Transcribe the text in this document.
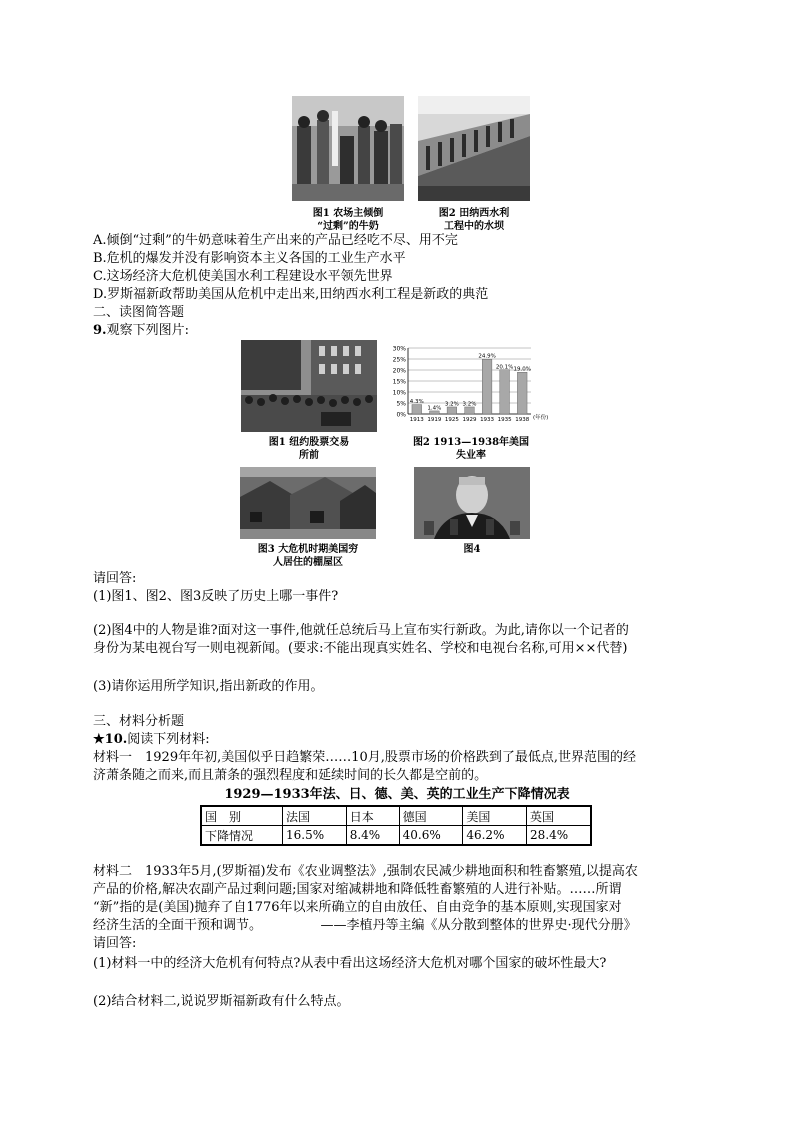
图1 农场主倾倒
“过剩”的牛奶
图2 田纳西水利
工程中的水坝
A.倾倒“过剩”的牛奶意味着生产出来的产品已经吃不尽、用不完
B.危机的爆发并没有影响资本主义各国的工业生产水平
C.这场经济大危机使美国水利工程建设水平领先世界
D.罗斯福新政帮助美国从危机中走出来,田纳西水利工程是新政的典范
二、读图简答题
9.观察下列图片:
图1 纽约股票交易
所前
0%
5%
10%
15%
20%
25%
30%
4.3%
1913
1.4%
1919
3.2%
1925
3.2%
1929
24.9%
1933
20.1%
1935
19.0%
1938 (年份)
图2 1913—1938年美国
失业率
图3 大危机时期美国穷
人居住的棚屋区
图4
请回答:
(1)图1、图2、图3反映了历史上哪一事件?
(2)图4中的人物是谁?面对这一事件,他就任总统后马上宣布实行新政。为此,请你以一个记者的
身份为某电视台写一则电视新闻。(要求:不能出现真实姓名、学校和电视台名称,可用××代替)
(3)请你运用所学知识,指出新政的作用。
三、材料分析题
★10.阅读下列材料:
材料一　1929年年初,美国似乎日趋繁荣……10月,股票市场的价格跌到了最低点,世界范围的经
济萧条随之而来,而且萧条的强烈程度和延续时间的长久都是空前的。
1929—1933年法、日、德、美、英的工业生产下降情况表
国　别	法国	日本	德国	美国	英国
下降情况	16.5%	8.4%	40.6%	46.2%	28.4%
材料二　1933年5月,(罗斯福)发布《农业调整法》,强制农民减少耕地面积和牲畜繁殖,以提高农
产品的价格,解决农副产品过剩问题;国家对缩减耕地和降低牲畜繁殖的人进行补贴。……所谓
“新”指的是(美国)抛弃了自1776年以来所确立的自由放任、自由竞争的基本原则,实现国家对
经济生活的全面干预和调节。　　　　　——李植丹等主编《从分散到整体的世界史·现代分册》
请回答:
(1)材料一中的经济大危机有何特点?从表中看出这场经济大危机对哪个国家的破坏性最大?
(2)结合材料二,说说罗斯福新政有什么特点。
